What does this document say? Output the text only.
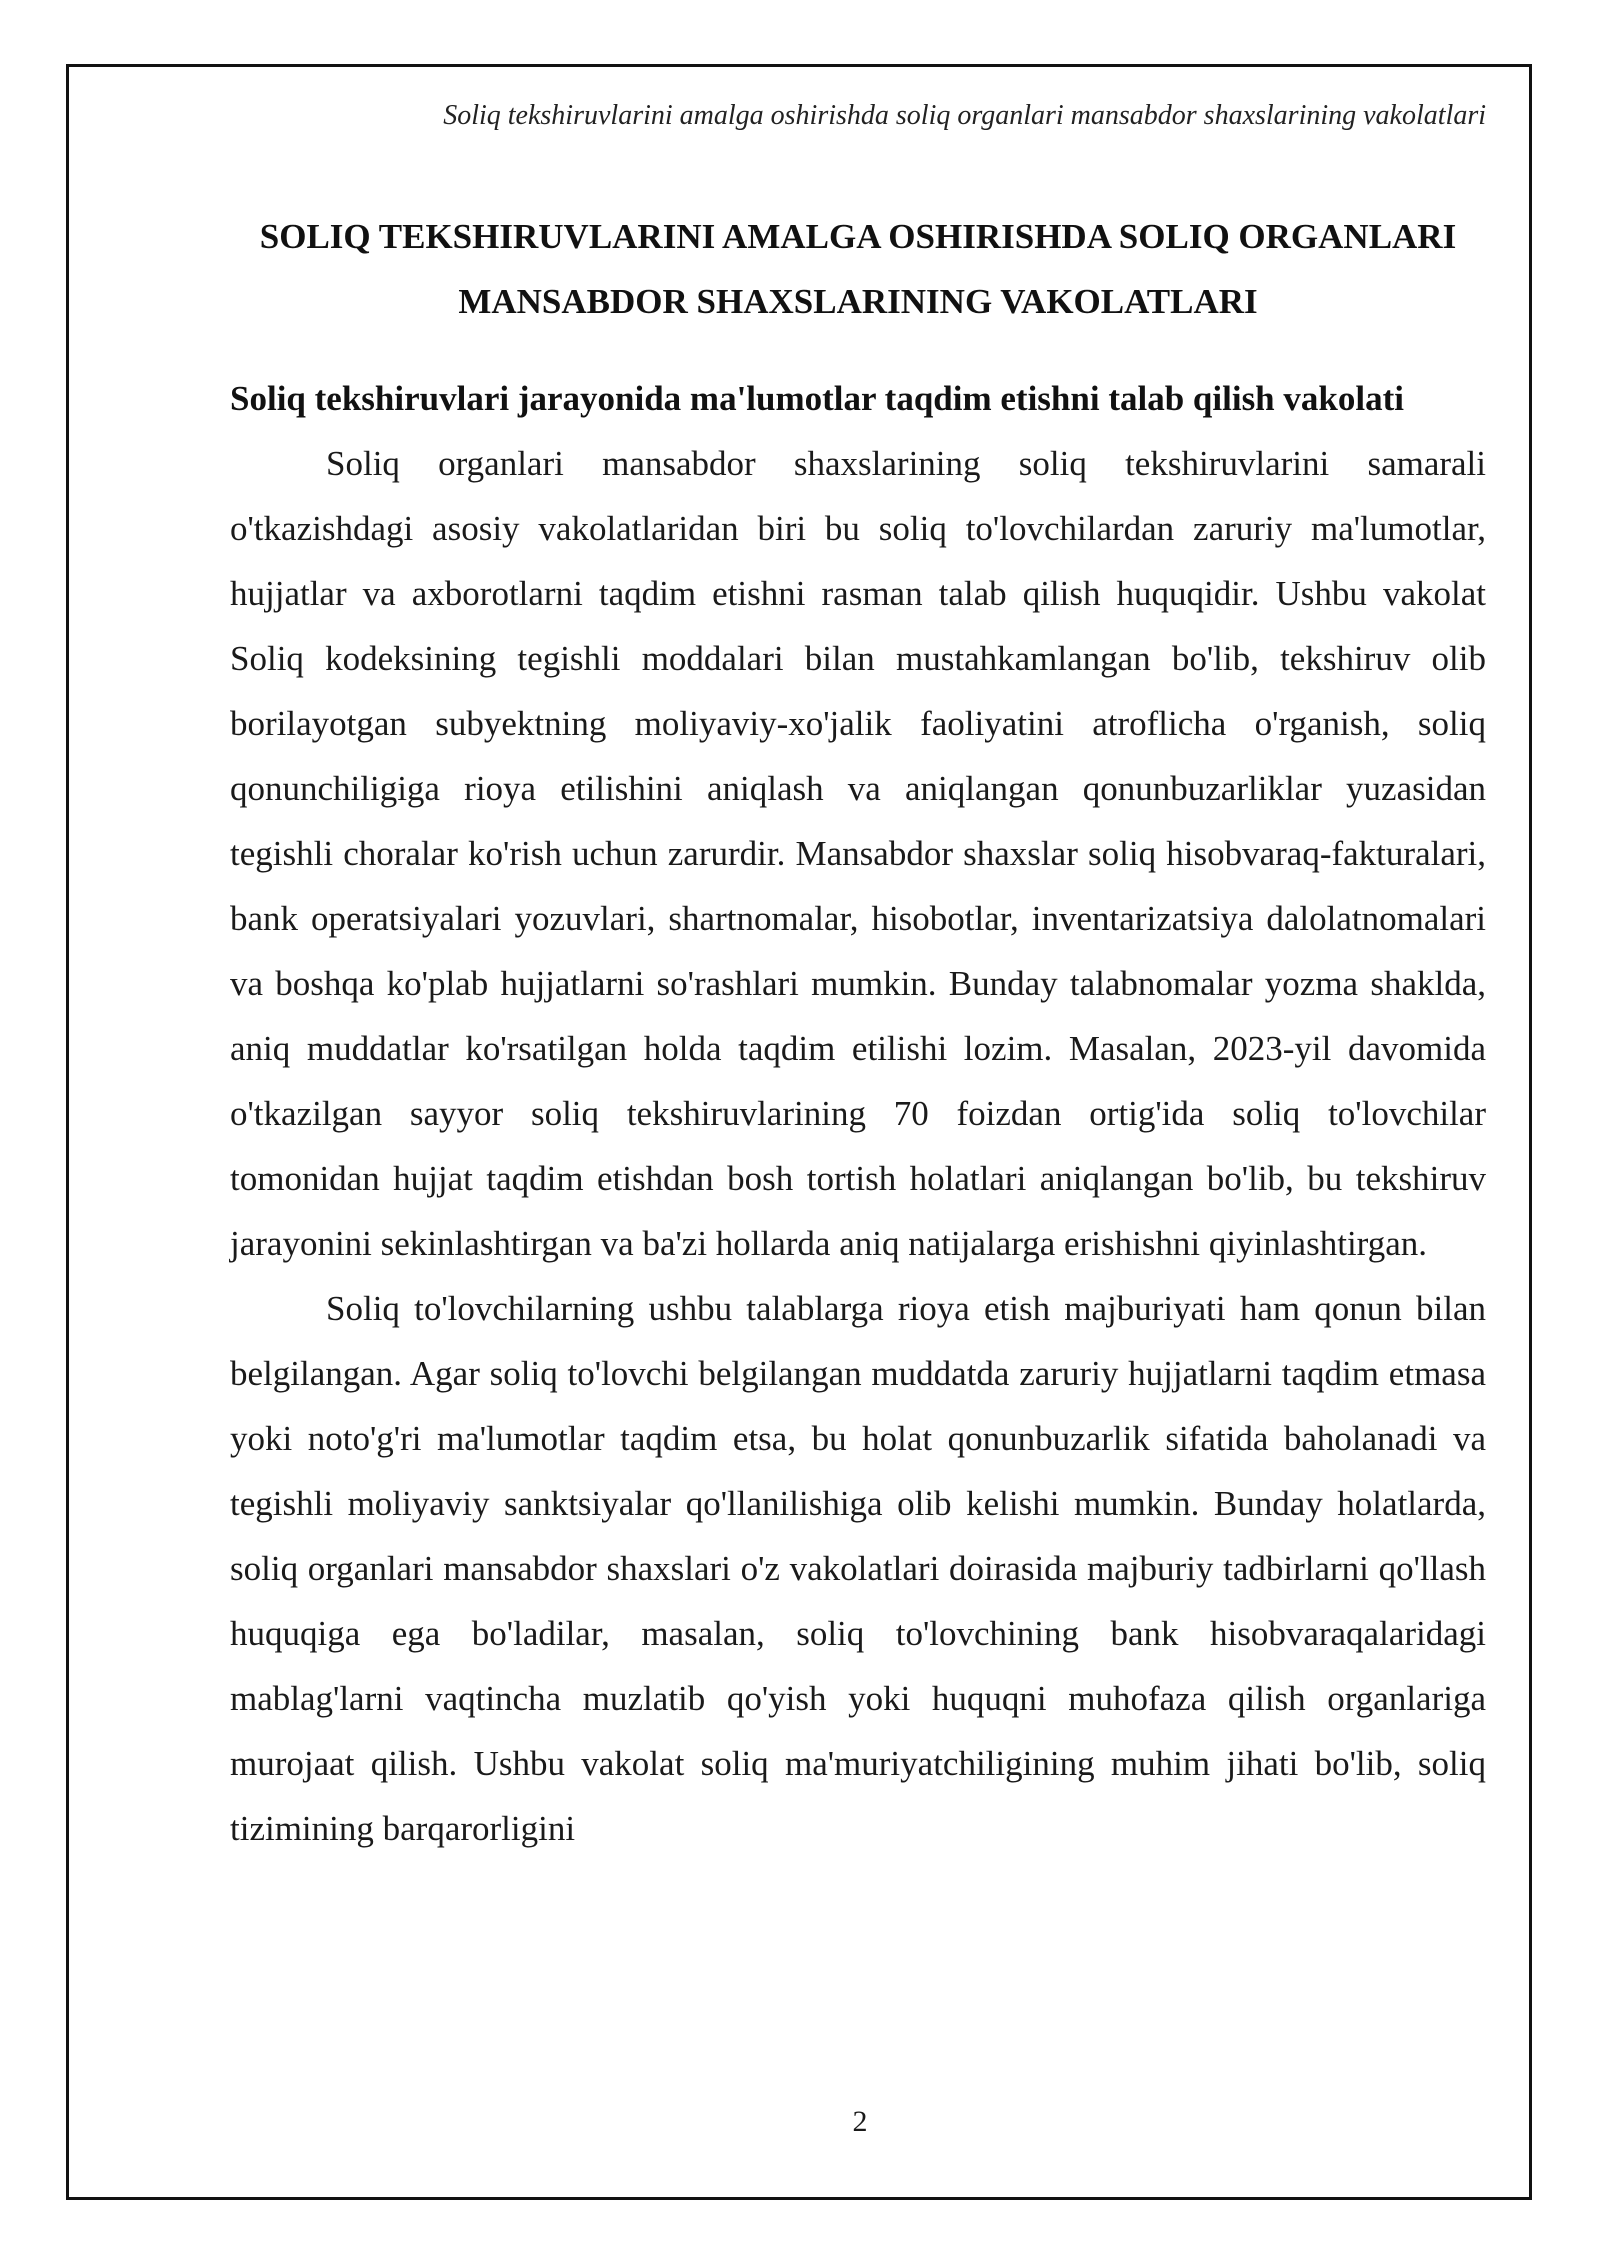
Soliq tekshiruvlarini amalga oshirishda soliq organlari mansabdor shaxslarining vakolatlari
SOLIQ TEKSHIRUVLARINI AMALGA OSHIRISHDA SOLIQ ORGANLARI MANSABDOR SHAXSLARINING VAKOLATLARI
Soliq tekshiruvlari jarayonida ma'lumotlar taqdim etishni talab qilish vakolati

Soliq organlari mansabdor shaxslarining soliq tekshiruvlarini samarali o'tkazishdagi asosiy vakolatlaridan biri bu soliq to'lovchilardan zaruriy ma'lumotlar, hujjatlar va axborotlarni taqdim etishni rasman talab qilish huquqidir. Ushbu vakolat Soliq kodeksining tegishli moddalari bilan mustahkamlangan bo'lib, tekshiruv olib borilayotgan subyektning moliyaviy-xo'jalik faoliyatini atroflicha o'rganish, soliq qonunchiligiga rioya etilishini aniqlash va aniqlangan qonunbuzarliklar yuzasidan tegishli choralar ko'rish uchun zarurdir. Mansabdor shaxslar soliq hisobvaraq-fakturalari, bank operatsiyalari yozuvlari, shartnomalar, hisobotlar, inventarizatsiya dalolatnomalari va boshqa ko'plab hujjatlarni so'rashlari mumkin. Bunday talabnomalar yozma shaklda, aniq muddatlar ko'rsatilgan holda taqdim etilishi lozim. Masalan, 2023-yil davomida o'tkazilgan sayyor soliq tekshiruvlarining 70 foizdan ortig'ida soliq to'lovchilar tomonidan hujjat taqdim etishdan bosh tortish holatlari aniqlangan bo'lib, bu tekshiruv jarayonini sekinlashtirgan va ba'zi hollarda aniq natijalarga erishishni qiyinlashtirgan.

Soliq to'lovchilarning ushbu talablarga rioya etish majburiyati ham qonun bilan belgilangan. Agar soliq to'lovchi belgilangan muddatda zaruriy hujjatlarni taqdim etmasa yoki noto'g'ri ma'lumotlar taqdim etsa, bu holat qonunbuzarlik sifatida baholanadi va tegishli moliyaviy sanktsiyalar qo'llanilishiga olib kelishi mumkin. Bunday holatlarda, soliq organlari mansabdor shaxslari o'z vakolatlari doirasida majburiy tadbirlarni qo'llash huquqiga ega bo'ladilar, masalan, soliq to'lovchining bank hisobvaraqalaridagi mablag'larni vaqtincha muzlatib qo'yish yoki huquqni muhofaza qilish organlariga murojaat qilish. Ushbu vakolat soliq ma'muriyatchiligining muhim jihati bo'lib, soliq tizimining barqarorligini

2
